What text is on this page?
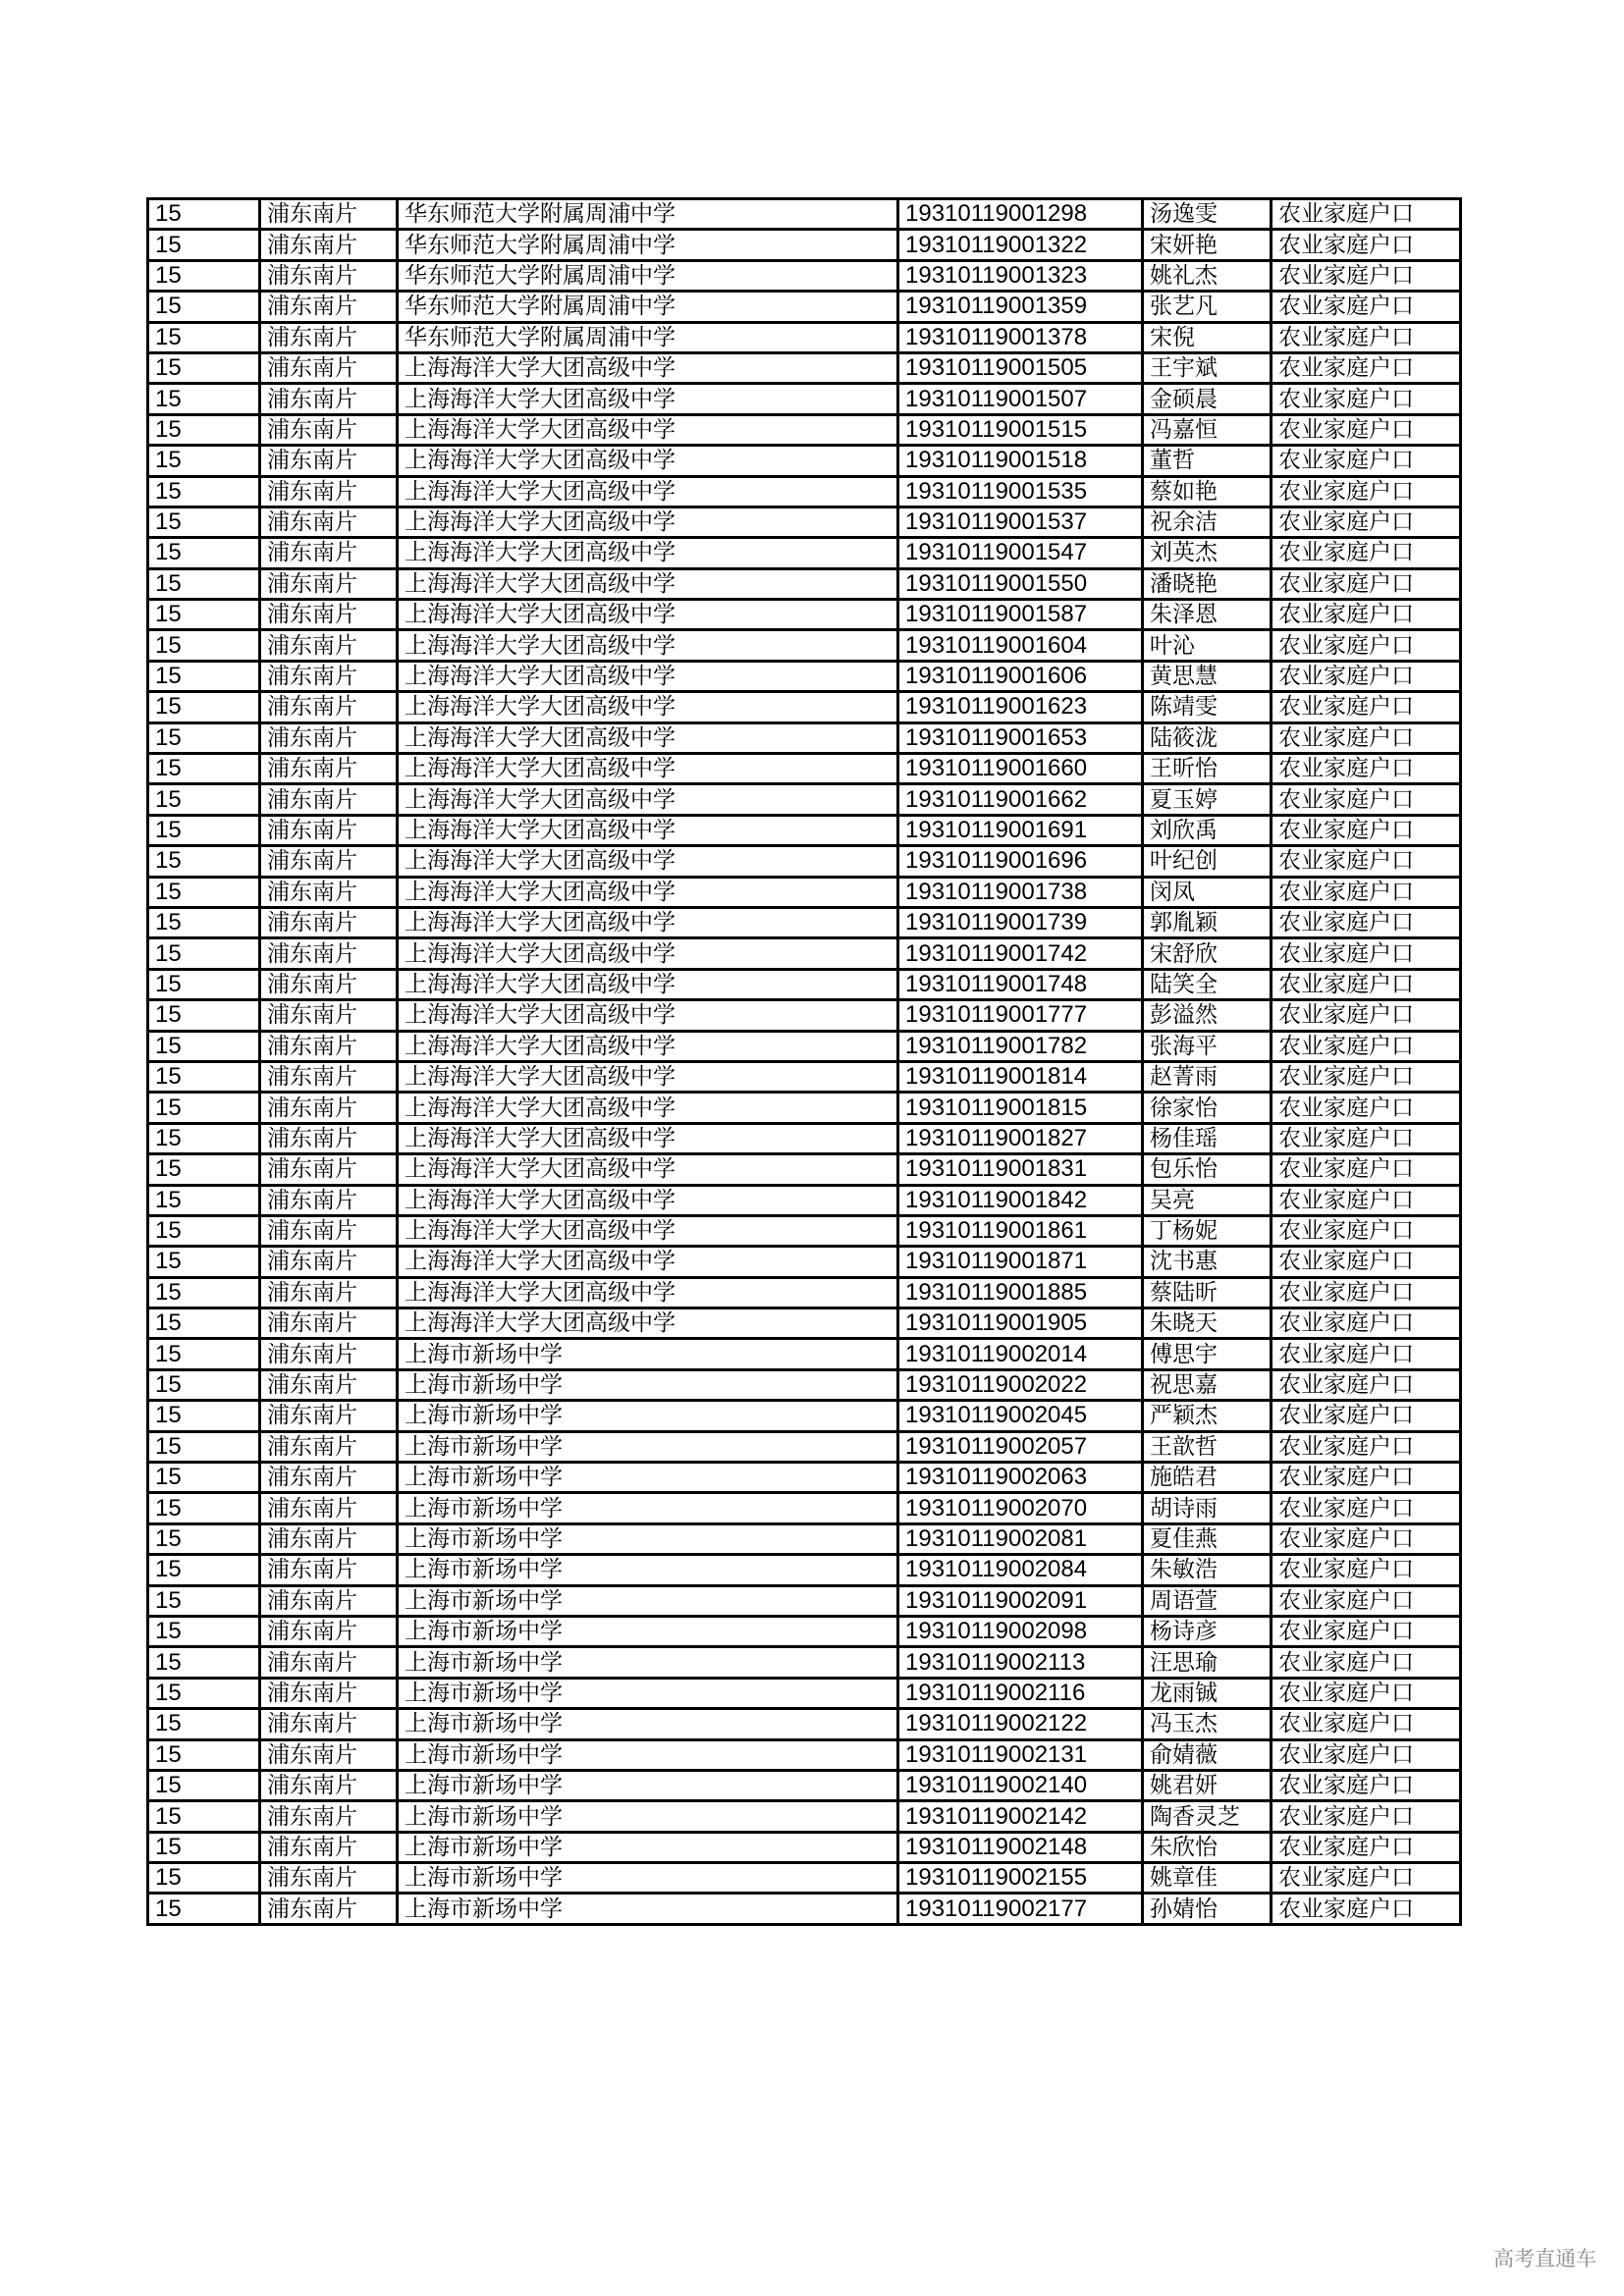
15	浦东南片	华东师范大学附属周浦中学	19310119001298	汤逸雯	农业家庭户口
15	浦东南片	华东师范大学附属周浦中学	19310119001322	宋妍艳	农业家庭户口
15	浦东南片	华东师范大学附属周浦中学	19310119001323	姚礼杰	农业家庭户口
15	浦东南片	华东师范大学附属周浦中学	19310119001359	张艺凡	农业家庭户口
15	浦东南片	华东师范大学附属周浦中学	19310119001378	宋倪	农业家庭户口
15	浦东南片	上海海洋大学大团高级中学	19310119001505	王宇斌	农业家庭户口
15	浦东南片	上海海洋大学大团高级中学	19310119001507	金硕晨	农业家庭户口
15	浦东南片	上海海洋大学大团高级中学	19310119001515	冯嘉恒	农业家庭户口
15	浦东南片	上海海洋大学大团高级中学	19310119001518	董哲	农业家庭户口
15	浦东南片	上海海洋大学大团高级中学	19310119001535	蔡如艳	农业家庭户口
15	浦东南片	上海海洋大学大团高级中学	19310119001537	祝余洁	农业家庭户口
15	浦东南片	上海海洋大学大团高级中学	19310119001547	刘英杰	农业家庭户口
15	浦东南片	上海海洋大学大团高级中学	19310119001550	潘晓艳	农业家庭户口
15	浦东南片	上海海洋大学大团高级中学	19310119001587	朱泽恩	农业家庭户口
15	浦东南片	上海海洋大学大团高级中学	19310119001604	叶沁	农业家庭户口
15	浦东南片	上海海洋大学大团高级中学	19310119001606	黄思慧	农业家庭户口
15	浦东南片	上海海洋大学大团高级中学	19310119001623	陈靖雯	农业家庭户口
15	浦东南片	上海海洋大学大团高级中学	19310119001653	陆筱泷	农业家庭户口
15	浦东南片	上海海洋大学大团高级中学	19310119001660	王昕怡	农业家庭户口
15	浦东南片	上海海洋大学大团高级中学	19310119001662	夏玉婷	农业家庭户口
15	浦东南片	上海海洋大学大团高级中学	19310119001691	刘欣禹	农业家庭户口
15	浦东南片	上海海洋大学大团高级中学	19310119001696	叶纪创	农业家庭户口
15	浦东南片	上海海洋大学大团高级中学	19310119001738	闵凤	农业家庭户口
15	浦东南片	上海海洋大学大团高级中学	19310119001739	郭胤颖	农业家庭户口
15	浦东南片	上海海洋大学大团高级中学	19310119001742	宋舒欣	农业家庭户口
15	浦东南片	上海海洋大学大团高级中学	19310119001748	陆笑全	农业家庭户口
15	浦东南片	上海海洋大学大团高级中学	19310119001777	彭溢然	农业家庭户口
15	浦东南片	上海海洋大学大团高级中学	19310119001782	张海平	农业家庭户口
15	浦东南片	上海海洋大学大团高级中学	19310119001814	赵菁雨	农业家庭户口
15	浦东南片	上海海洋大学大团高级中学	19310119001815	徐家怡	农业家庭户口
15	浦东南片	上海海洋大学大团高级中学	19310119001827	杨佳瑶	农业家庭户口
15	浦东南片	上海海洋大学大团高级中学	19310119001831	包乐怡	农业家庭户口
15	浦东南片	上海海洋大学大团高级中学	19310119001842	吴亮	农业家庭户口
15	浦东南片	上海海洋大学大团高级中学	19310119001861	丁杨妮	农业家庭户口
15	浦东南片	上海海洋大学大团高级中学	19310119001871	沈书惠	农业家庭户口
15	浦东南片	上海海洋大学大团高级中学	19310119001885	蔡陆昕	农业家庭户口
15	浦东南片	上海海洋大学大团高级中学	19310119001905	朱晓天	农业家庭户口
15	浦东南片	上海市新场中学	19310119002014	傅思宇	农业家庭户口
15	浦东南片	上海市新场中学	19310119002022	祝思嘉	农业家庭户口
15	浦东南片	上海市新场中学	19310119002045	严颖杰	农业家庭户口
15	浦东南片	上海市新场中学	19310119002057	王歆哲	农业家庭户口
15	浦东南片	上海市新场中学	19310119002063	施皓君	农业家庭户口
15	浦东南片	上海市新场中学	19310119002070	胡诗雨	农业家庭户口
15	浦东南片	上海市新场中学	19310119002081	夏佳燕	农业家庭户口
15	浦东南片	上海市新场中学	19310119002084	朱敏浩	农业家庭户口
15	浦东南片	上海市新场中学	19310119002091	周语萱	农业家庭户口
15	浦东南片	上海市新场中学	19310119002098	杨诗彦	农业家庭户口
15	浦东南片	上海市新场中学	19310119002113	汪思瑜	农业家庭户口
15	浦东南片	上海市新场中学	19310119002116	龙雨铖	农业家庭户口
15	浦东南片	上海市新场中学	19310119002122	冯玉杰	农业家庭户口
15	浦东南片	上海市新场中学	19310119002131	俞婧薇	农业家庭户口
15	浦东南片	上海市新场中学	19310119002140	姚君妍	农业家庭户口
15	浦东南片	上海市新场中学	19310119002142	陶香灵芝	农业家庭户口
15	浦东南片	上海市新场中学	19310119002148	朱欣怡	农业家庭户口
15	浦东南片	上海市新场中学	19310119002155	姚章佳	农业家庭户口
15	浦东南片	上海市新场中学	19310119002177	孙婧怡	农业家庭户口
高考直通车
